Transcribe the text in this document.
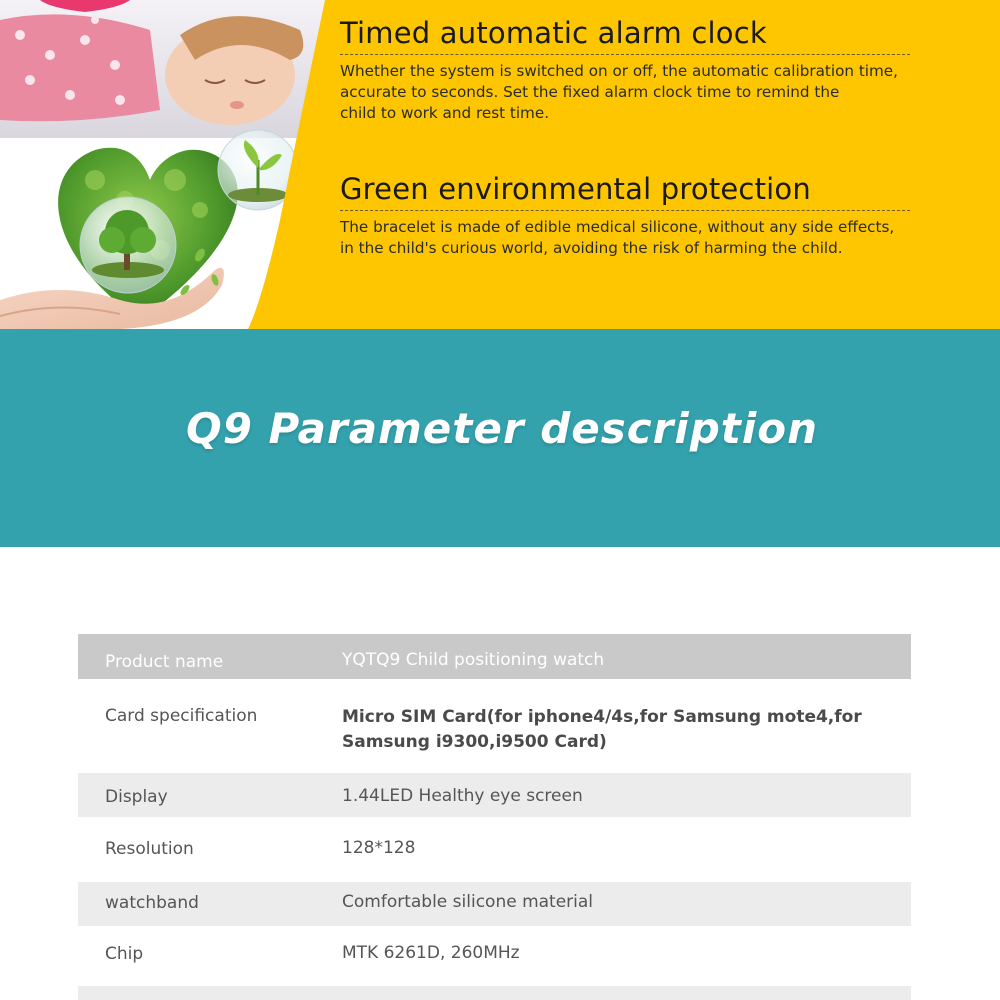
Timed automatic alarm clock
Whether the system is switched on or off, the automatic calibration time,
accurate to seconds. Set the fixed alarm clock time to remind the
child to work and rest time.
Green environmental protection
The bracelet is made of edible medical silicone, without any side effects,
in the child's curious world, avoiding the risk of harming the child.
Q9 Parameter description
Product name	YQTQ9 Child positioning watch
Card specification	Micro SIM Card(for iphone4/4s,for Samsung mote4,for
Samsung i9300,i9500 Card)
Display	1.44LED Healthy eye screen
Resolution	128*128
watchband	Comfortable silicone material
Chip	MTK 6261D, 260MHz
